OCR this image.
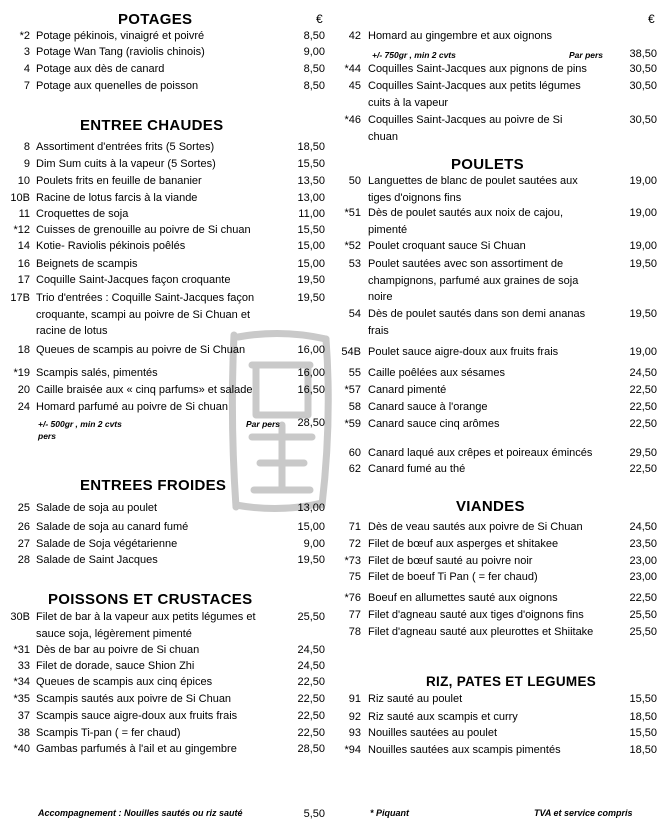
POTAGES	€
*2 Potage pékinois, vinaigré et poivré	8,50
3 Potage Wan Tang (raviolis chinois)	9,00
4 Potage aux dès de canard	8,50
7 Potage aux quenelles de poisson	8,50
ENTREE CHAUDES
8 Assortiment d'entrées frits (5 Sortes)	18,50
9 Dim Sum cuits à la vapeur (5 Sortes)	15,50
10 Poulets frits en feuille de bananier	13,50
10B Racine de lotus farcis à la viande	13,00
11 Croquettes de soja	11,00
*12 Cuisses de grenouille au poivre de Si chuan	15,50
14 Kotie- Raviolis pékinois poêlés	15,00
16 Beignets de scampis	15,00
17 Coquille Saint-Jacques façon croquante	19,50
17B Trio d'entrées : Coquille Saint-Jacques façon croquante, scampi au poivre de Si Chuan et racine de lotus
19,50
18 Queues de scampis au poivre de Si Chuan	16,00
*19 Scampis salés, pimentés	16,00
20 Caille braisée aux « cinq parfums» et salade	16,50
24 Homard parfumé au poivre de Si chuan
+/- 500gr , min 2 cvts	Par pers	28,50
pers
ENTREES FROIDES
25 Salade de soja au poulet	13,00
26 Salade de soja au canard fumé	15,00
27 Salade de Soja végétarienne	9,00
28 Salade de Saint Jacques	19,50
POISSONS ET CRUSTACES
30B Filet de bar à la vapeur aux petits légumes et sauce soja, légèrement pimenté
25,50
*31 Dès de bar au poivre de Si chuan	24,50
33 Filet de dorade, sauce Shion Zhi	24,50
*34 Queues de scampis aux cinq épices	22,50
*35 Scampis sautés aux poivre de Si Chuan	22,50
37 Scampis sauce aigre-doux aux fruits frais	22,50
38 Scampis Ti-pan ( = fer chaud)	22,50
*40 Gambas parfumés à l'ail et au gingembre	28,50
Accompagnement : Nouilles sautés ou riz sauté	5,50
€
42 Homard au gingembre et aux oignons
+/- 750gr , min 2 cvts	Par pers	38,50
*44 Coquilles Saint-Jacques aux pignons de pins	30,50
45 Coquilles Saint-Jacques aux petits légumes cuits à la vapeur
30,50
*46 Coquilles Saint-Jacques au poivre de Si chuan
30,50
POULETS
50 Languettes de blanc de poulet sautées aux tiges d'oignons fins
19,00
*51 Dès de poulet sautés aux noix de cajou, pimenté
19,00
*52 Poulet croquant sauce Si Chuan	19,00
53 Poulet sautées avec son assortiment de champignons, parfumé aux graines de soja noire
19,50
54 Dès de poulet sautés dans son demi ananas frais
19,50
54B Poulet sauce aigre-doux aux fruits frais	19,00
55 Caille poêlées aux sésames	24,50
*57 Canard pimenté	22,50
58 Canard sauce à l'orange	22,50
*59 Canard sauce cinq arômes	22,50
60 Canard laqué aux crêpes et poireaux émincés	29,50
62 Canard fumé au thé	22,50
VIANDES
71 Dès de veau sautés aux poivre de Si Chuan	24,50
72 Filet de bœuf aux asperges et shitakee	23,50
*73 Filet de bœuf sauté au poivre noir	23,00
75 Filet de boeuf Ti Pan ( = fer chaud)	23,00
*76 Boeuf en allumettes sauté aux oignons	22,50
77 Filet d'agneau sauté aux tiges d'oignons fins	25,50
78 Filet d'agneau sauté aux pleurottes et Shiitake	25,50
RIZ, PATES ET LEGUMES
91 Riz sauté au poulet	15,50
92 Riz sauté aux scampis et curry	18,50
93 Nouilles sautées au poulet	15,50
*94 Nouilles sautées aux scampis pimentés	18,50
* Piquant	TVA et service compris
